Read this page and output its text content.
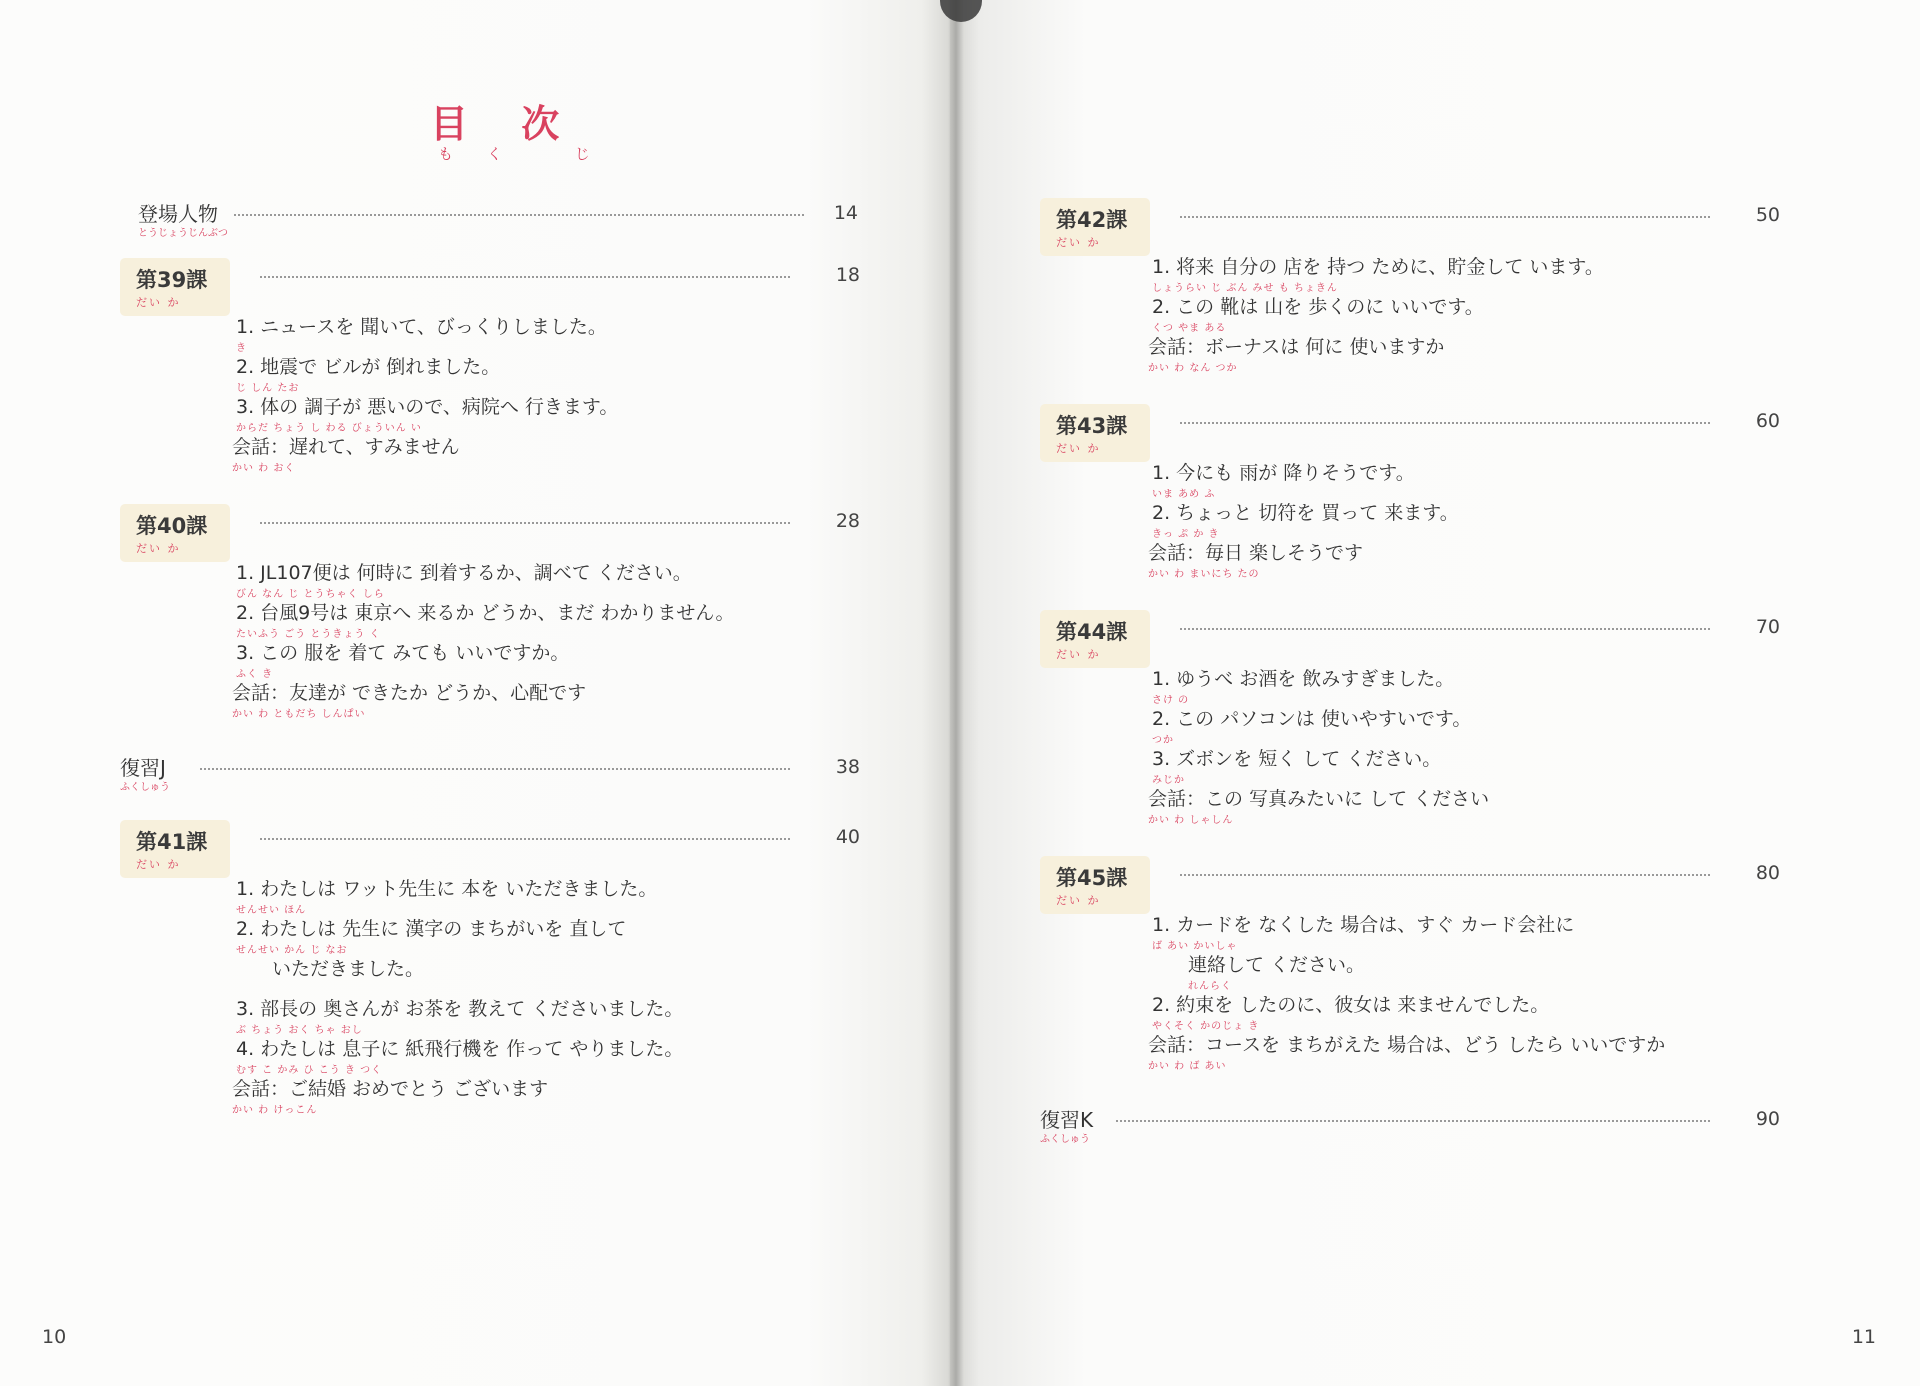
目 次
もく じ
登場人物
とうじょうじんぶつ
14
第39課
だい か
18
1. ニュースを 聞いて、びっくりしました。
き
2. 地震で ビルが 倒れました。
じ しん たお
3. 体の 調子が 悪いので、病院へ 行きます。
からだ ちょう し わる びょういん い
会話：遅れて、すみません
かい わ おく
第40課
だい か
28
1. JL107便は 何時に 到着するか、調べて ください。
びん なん じ とうちゃく しら
2. 台風9号は 東京へ 来るか どうか、まだ わかりません。
たいふう ごう とうきょう く
3. この 服を 着て みても いいですか。
ふく き
会話：友達が できたか どうか、心配です
かい わ ともだち しんぱい
復習J
ふくしゅう
38
第41課
だい か
40
1. わたしは ワット先生に 本を いただきました。
せんせい ほん
2. わたしは 先生に 漢字の まちがいを 直して
せんせい かん じ なお
いただきました。
3. 部長の 奥さんが お茶を 教えて くださいました。
ぶ ちょう おく ちゃ おし
4. わたしは 息子に 紙飛行機を 作って やりました。
むす こ かみ ひ こう き つく
会話：ご結婚 おめでとう ございます
かい わ けっこん
10
第42課
だい か
50
1. 将来 自分の 店を 持つ ために、貯金して います。
しょうらい じ ぶん みせ も ちょきん
2. この 靴は 山を 歩くのに いいです。
くつ やま ある
会話：ボーナスは 何に 使いますか
かい わ なん つか
第43課
だい か
60
1. 今にも 雨が 降りそうです。
いま あめ ふ
2. ちょっと 切符を 買って 来ます。
きっ ぷ か き
会話：毎日 楽しそうです
かい わ まいにち たの
第44課
だい か
70
1. ゆうべ お酒を 飲みすぎました。
さけ の
2. この パソコンは 使いやすいです。
つか
3. ズボンを 短く して ください。
みじか
会話：この 写真みたいに して ください
かい わ しゃしん
第45課
だい か
80
1. カードを なくした 場合は、すぐ カード会社に
ば あい かいしゃ
連絡して ください。
れんらく
2. 約束を したのに、彼女は 来ませんでした。
やくそく かのじょ き
会話：コースを まちがえた 場合は、どう したら いいですか
かい わ ば あい
復習K
ふくしゅう
90
11
